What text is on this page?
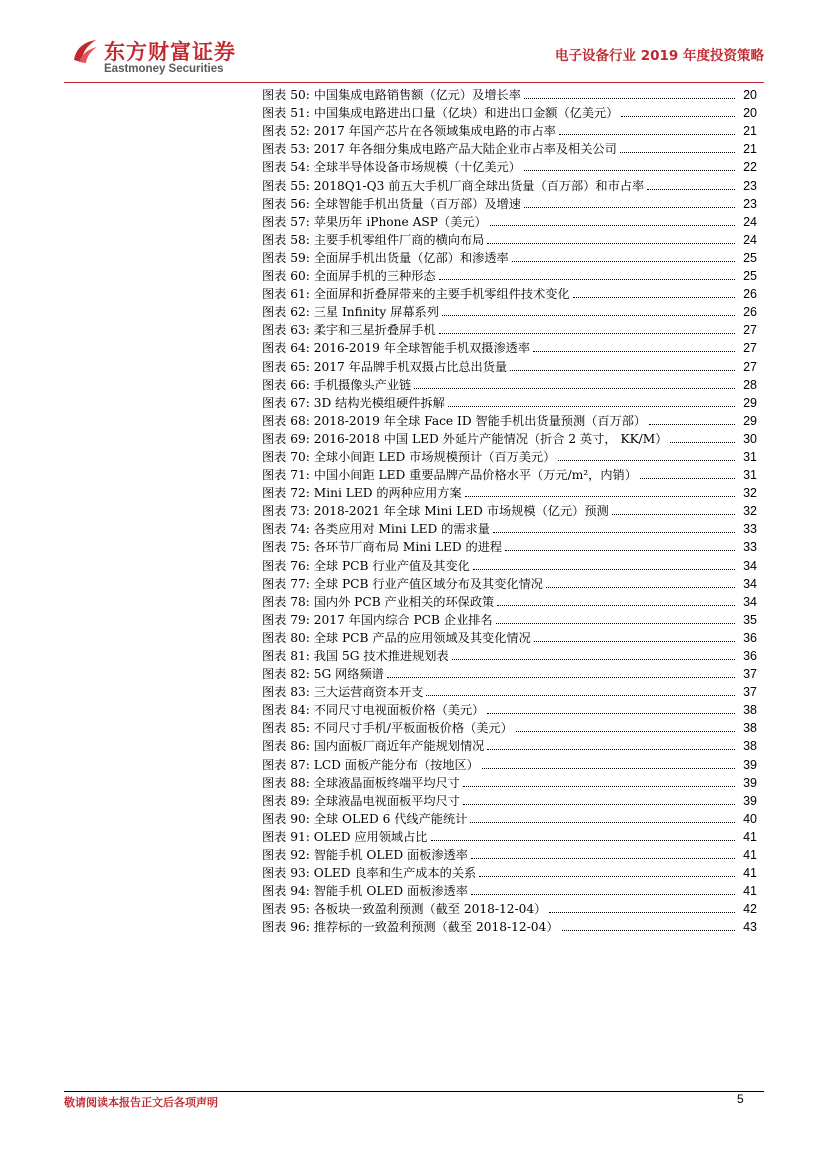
东方财富证券
Eastmoney Securities
电子设备行业 2019 年度投资策略
图表 50: 中国集成电路销售额（亿元）及增长率	20
图表 51: 中国集成电路进出口量（亿块）和进出口金额（亿美元）	20
图表 52: 2017 年国产芯片在各领域集成电路的市占率	21
图表 53: 2017 年各细分集成电路产品大陆企业市占率及相关公司	21
图表 54: 全球半导体设备市场规模（十亿美元）	22
图表 55: 2018Q1-Q3 前五大手机厂商全球出货量（百万部）和市占率	23
图表 56: 全球智能手机出货量（百万部）及增速	23
图表 57: 苹果历年 iPhone ASP（美元）	24
图表 58: 主要手机零组件厂商的横向布局	24
图表 59: 全面屏手机出货量（亿部）和渗透率	25
图表 60: 全面屏手机的三种形态	25
图表 61: 全面屏和折叠屏带来的主要手机零组件技术变化	26
图表 62: 三星 Infinity 屏幕系列	26
图表 63: 柔宇和三星折叠屏手机	27
图表 64: 2016-2019 年全球智能手机双摄渗透率	27
图表 65: 2017 年品牌手机双摄占比总出货量	27
图表 66: 手机摄像头产业链	28
图表 67: 3D 结构光模组硬件拆解	29
图表 68: 2018-2019 年全球 Face ID 智能手机出货量预测（百万部）	29
图表 69: 2016-2018 中国 LED 外延片产能情况（折合 2 英寸， KK/M）	30
图表 70: 全球小间距 LED 市场规模预计（百万美元）	31
图表 71: 中国小间距 LED 重要品牌产品价格水平（万元/m²，内销）	31
图表 72: Mini LED 的两种应用方案	32
图表 73: 2018-2021 年全球 Mini LED 市场规模（亿元）预测	32
图表 74: 各类应用对 Mini LED 的需求量	33
图表 75: 各环节厂商布局 Mini LED 的进程	33
图表 76: 全球 PCB 行业产值及其变化	34
图表 77: 全球 PCB 行业产值区域分布及其变化情况	34
图表 78: 国内外 PCB 产业相关的环保政策	34
图表 79: 2017 年国内综合 PCB 企业排名	35
图表 80: 全球 PCB 产品的应用领域及其变化情况	36
图表 81: 我国 5G 技术推进规划表	36
图表 82: 5G 网络频谱	37
图表 83: 三大运营商资本开支	37
图表 84: 不同尺寸电视面板价格（美元）	38
图表 85: 不同尺寸手机/平板面板价格（美元）	38
图表 86: 国内面板厂商近年产能规划情况	38
图表 87: LCD 面板产能分布（按地区）	39
图表 88: 全球液晶面板终端平均尺寸	39
图表 89: 全球液晶电视面板平均尺寸	39
图表 90: 全球 OLED 6 代线产能统计	40
图表 91: OLED 应用领域占比	41
图表 92: 智能手机 OLED 面板渗透率	41
图表 93: OLED 良率和生产成本的关系	41
图表 94: 智能手机 OLED 面板渗透率	41
图表 95: 各板块一致盈利预测（截至 2018-12-04）	42
图表 96: 推荐标的一致盈利预测（截至 2018-12-04）	43
敬请阅读本报告正文后各项声明	5
